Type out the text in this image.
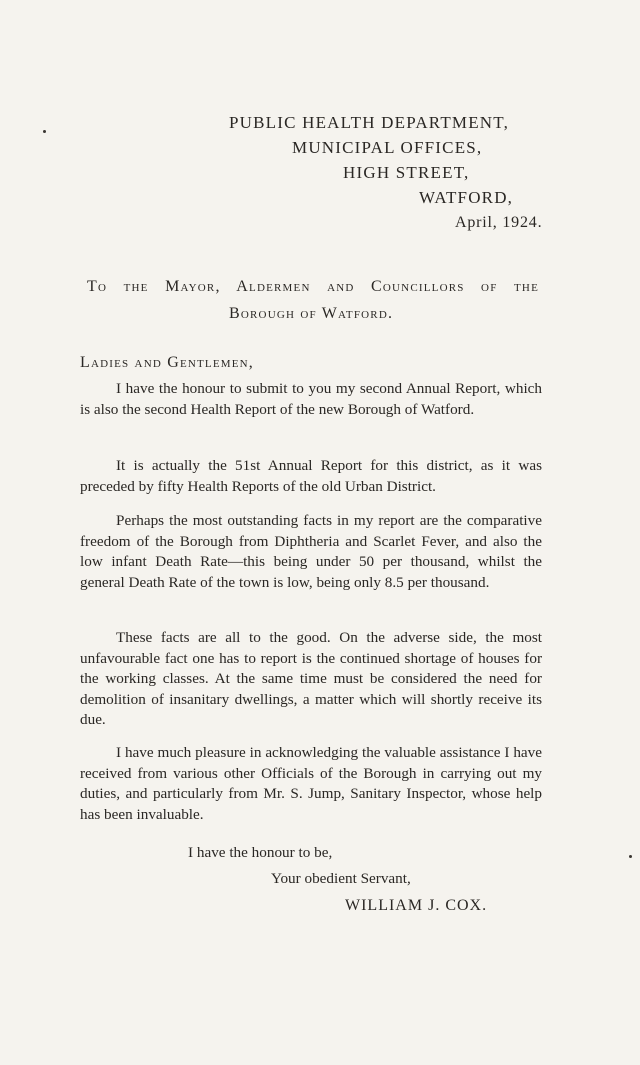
PUBLIC HEALTH DEPARTMENT,
MUNICIPAL OFFICES,
HIGH STREET,
WATFORD,
April, 1924.
To the Mayor, Aldermen and Councillors of the
Borough of Watford.
Ladies and Gentlemen,
I have the honour to submit to you my second Annual Report, which is also the second Health Report of the new Borough of Watford.
It is actually the 51st Annual Report for this district, as it was preceded by fifty Health Reports of the old Urban District.
Perhaps the most outstanding facts in my report are the comparative freedom of the Borough from Diphtheria and Scarlet Fever, and also the low infant Death Rate—this being under 50 per thousand, whilst the general Death Rate of the town is low, being only 8.5 per thousand.
These facts are all to the good. On the adverse side, the most unfavourable fact one has to report is the continued shortage of houses for the working classes. At the same time must be considered the need for demolition of insanitary dwellings, a matter which will shortly receive its due.
I have much pleasure in acknowledging the valuable assistance I have received from various other Officials of the Borough in carrying out my duties, and particularly from Mr. S. Jump, Sanitary Inspector, whose help has been invaluable.
I have the honour to be,
Your obedient Servant,
WILLIAM J. COX.
